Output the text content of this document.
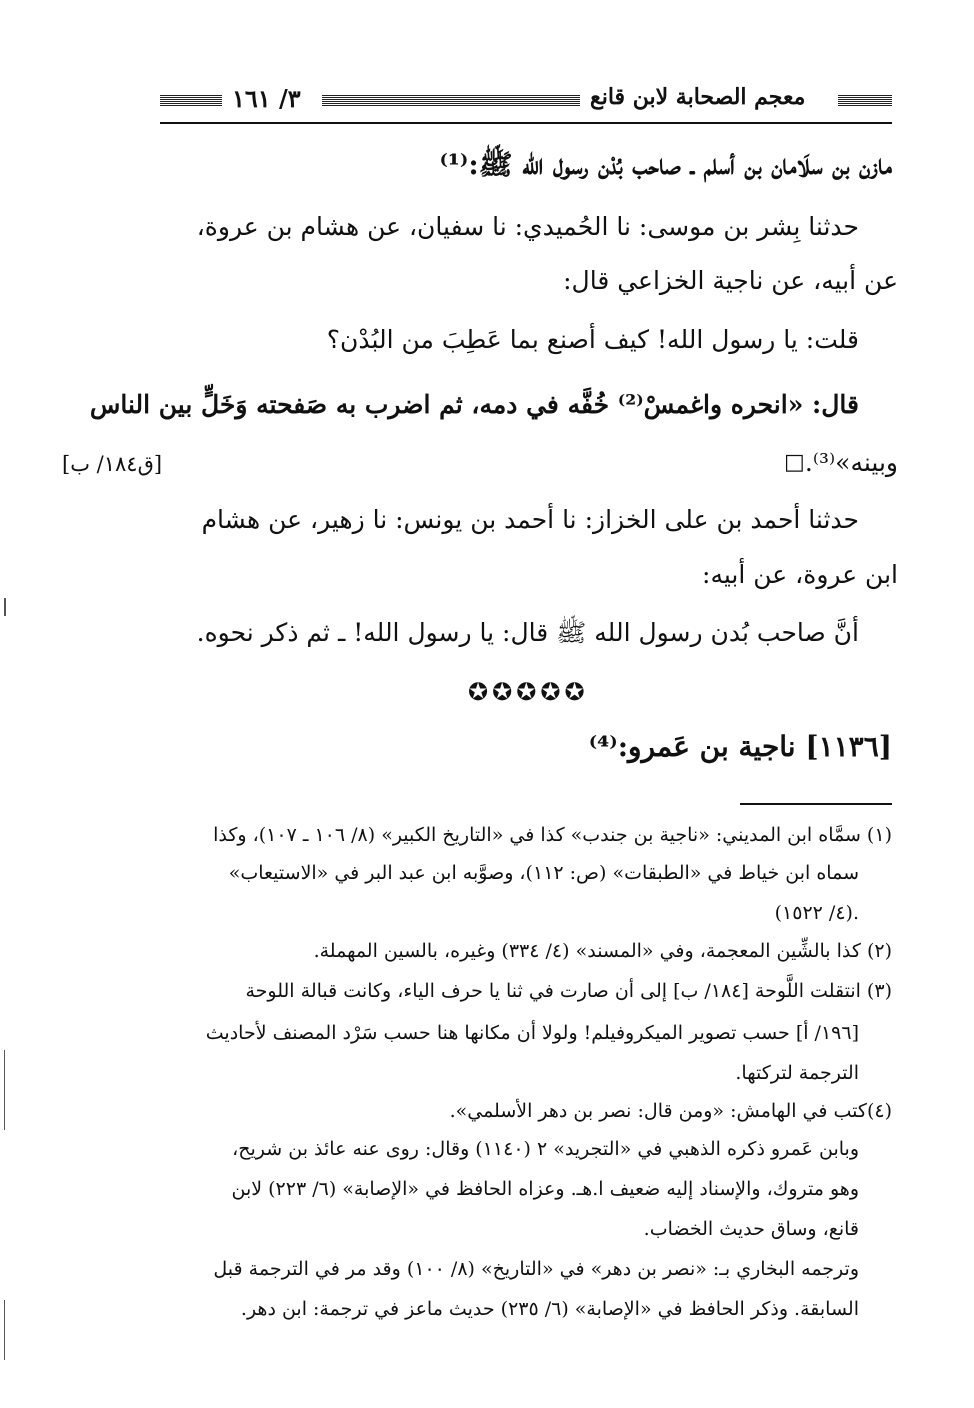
٣/ ١٦١	معجم الصحابة لابن قانع
مازن بن سلَامان بن أسلم ـ صاحب بُدْن رسول الله ﷺ:⁽¹⁾
حدثنا بِشر بن موسى: نا الحُميدي: نا سفيان، عن هشام بن عروة،
عن أبيه، عن ناجية الخزاعي قال:
قلت: يا رسول الله! كيف أصنع بما عَطِبَ من البُدْن؟
قال: «انحره واغمسْ⁽²⁾ خُفَّه في دمه، ثم اضرب به صَفحته وَخَلٍّ بين الناس
وبينه»⁽³⁾.
□
[ق١٨٤/ ب]
حدثنا أحمد بن على الخزاز: نا أحمد بن يونس: نا زهير، عن هشام
ابن عروة، عن أبيه:
أنَّ صاحب بُدن رسول الله ﷺ قال: يا رسول الله! ـ ثم ذكر نحوه.
✪✪✪✪✪
[١١٣٦] ناجية بن عَمرو:⁽⁴⁾
(١) سمَّاه ابن المديني: «ناجية بن جندب» كذا في «التاريخ الكبير» (٨/ ١٠٦ ـ ١٠٧)، وكذا
سماه ابن خياط في «الطبقات» (ص: ١١٢)، وصوَّبه ابن عبد البر في «الاستيعاب»
(٤/ ١٥٢٢).
(٢) كذا بالشِّين المعجمة، وفي «المسند» (٤/ ٣٣٤) وغيره، بالسين المهملة.
(٣) انتقلت اللَّوحة [١٨٤/ ب] إلى أن صارت في ثنا يا حرف الياء، وكانت قبالة اللوحة
[١٩٦/ أ] حسب تصوير الميكروفيلم! ولولا أن مكانها هنا حسب سَرْد المصنف لأحاديث
الترجمة لتركتها.
(٤)كتب في الهامش: «ومن قال: نصر بن دهر الأسلمي».
وبابن عَمرو ذكره الذهبي في «التجريد» ٢ (١١٤٠) وقال: روى عنه عائذ بن شريح،
وهو متروك، والإسناد إليه ضعيف ا.هـ. وعزاه الحافظ في «الإصابة» (٦/ ٢٢٣) لابن
قانع، وساق حديث الخضاب.
وترجمه البخاري بـ: «نصر بن دهر» في «التاريخ» (٨/ ١٠٠) وقد مر في الترجمة قبل
السابقة. وذكر الحافظ في «الإصابة» (٦/ ٢٣٥) حديث ماعز في ترجمة: ابن دهر.
